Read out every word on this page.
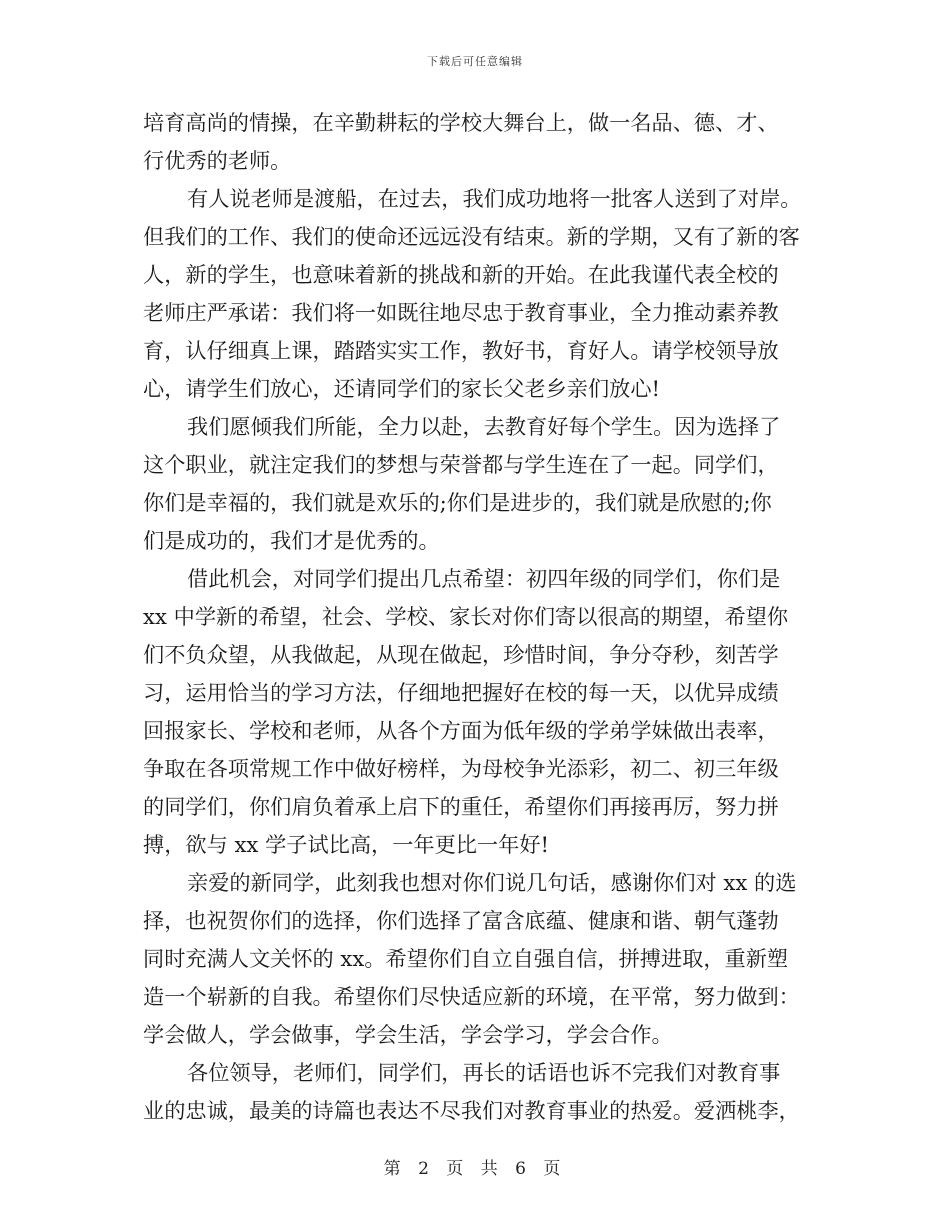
下载后可任意编辑
培育高尚的情操，在辛勤耕耘的学校大舞台上，做一名品、德、才、
行优秀的老师。
有人说老师是渡船，在过去，我们成功地将一批客人送到了对岸。
但我们的工作、我们的使命还远远没有结束。新的学期，又有了新的客
人，新的学生，也意味着新的挑战和新的开始。在此我谨代表全校的
老师庄严承诺：我们将一如既往地尽忠于教育事业，全力推动素养教
育，认仔细真上课，踏踏实实工作，教好书，育好人。请学校领导放
心，请学生们放心，还请同学们的家长父老乡亲们放心!
我们愿倾我们所能，全力以赴，去教育好每个学生。因为选择了
这个职业，就注定我们的梦想与荣誉都与学生连在了一起。同学们，
你们是幸福的，我们就是欢乐的;你们是进步的，我们就是欣慰的;你
们是成功的，我们才是优秀的。
借此机会，对同学们提出几点希望：初四年级的同学们，你们是
xx 中学新的希望，社会、学校、家长对你们寄以很高的期望，希望你
们不负众望，从我做起，从现在做起，珍惜时间，争分夺秒，刻苦学
习，运用恰当的学习方法，仔细地把握好在校的每一天，以优异成绩
回报家长、学校和老师，从各个方面为低年级的学弟学妹做出表率，
争取在各项常规工作中做好榜样，为母校争光添彩，初二、初三年级
的同学们，你们肩负着承上启下的重任，希望你们再接再厉，努力拼
搏，欲与 xx 学子试比高，一年更比一年好!
亲爱的新同学，此刻我也想对你们说几句话，感谢你们对 xx 的选
择，也祝贺你们的选择，你们选择了富含底蕴、健康和谐、朝气蓬勃
同时充满人文关怀的 xx。希望你们自立自强自信，拼搏进取，重新塑
造一个崭新的自我。希望你们尽快适应新的环境，在平常，努力做到：
学会做人，学会做事，学会生活，学会学习，学会合作。
各位领导，老师们，同学们，再长的话语也诉不完我们对教育事
业的忠诚，最美的诗篇也表达不尽我们对教育事业的热爱。爱洒桃李，
第 2 页 共 6 页
